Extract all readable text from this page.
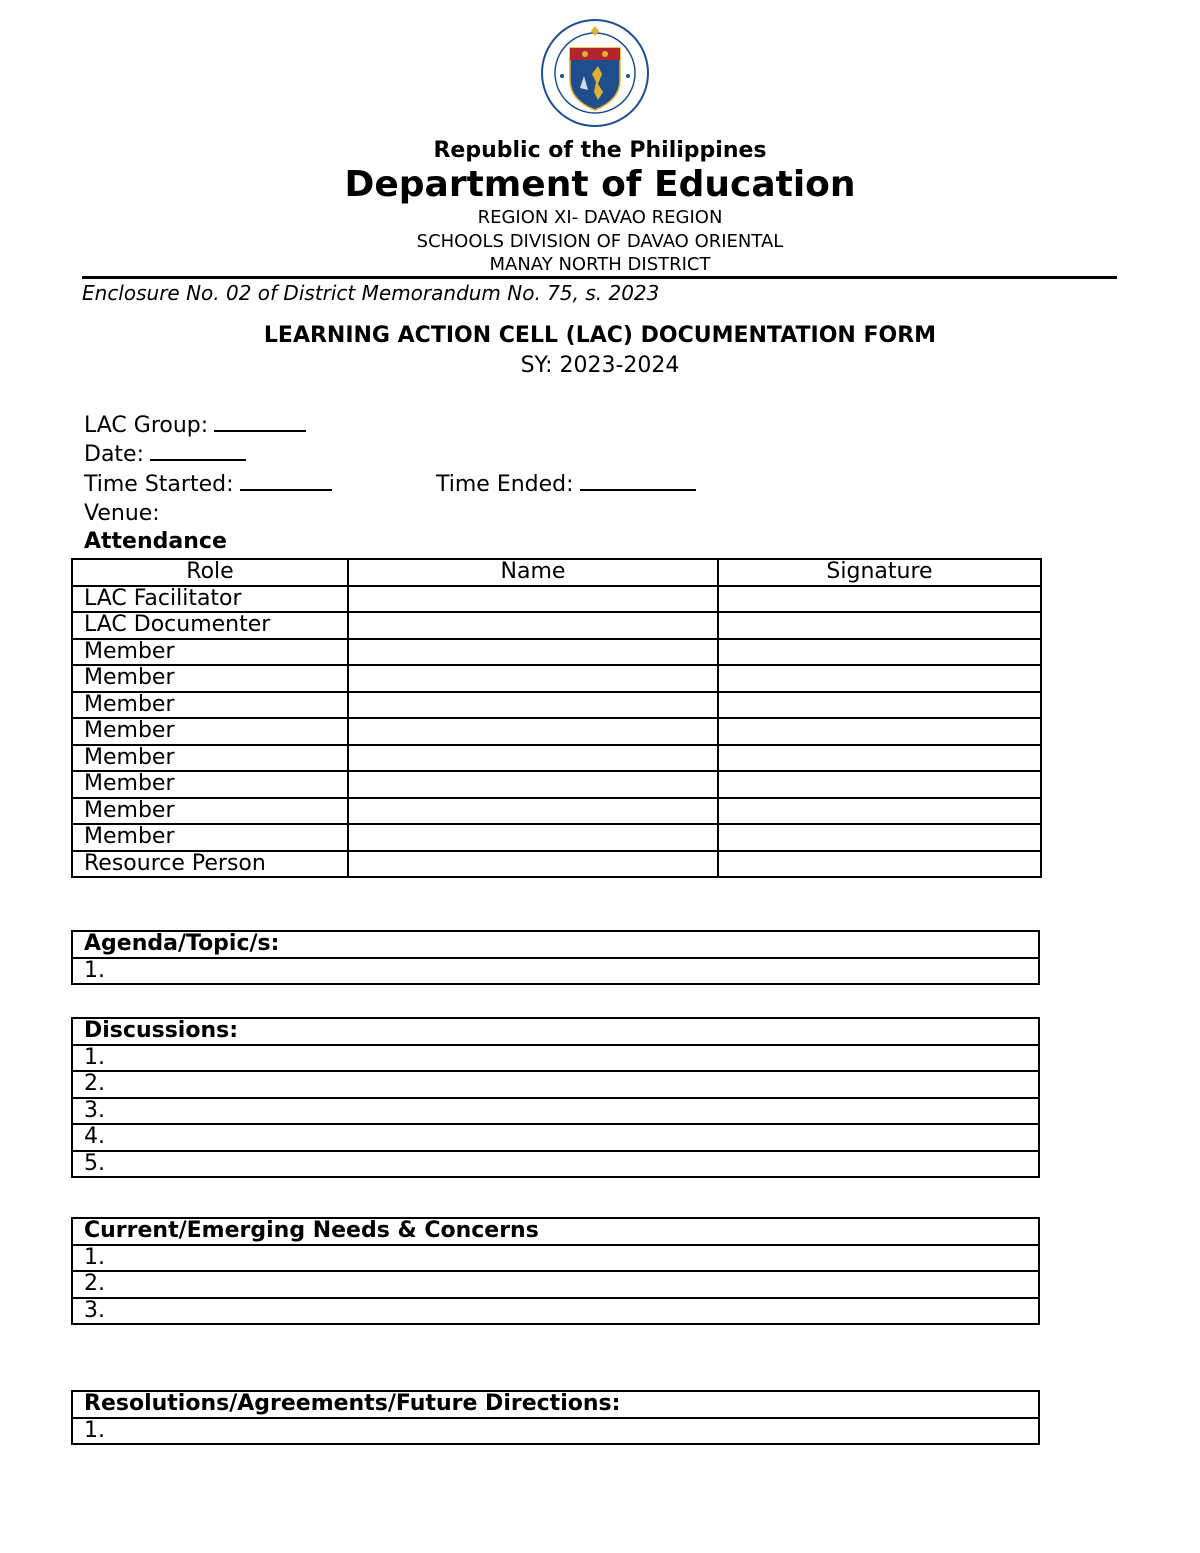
Republic of the Philippines
Department of Education
REGION XI- DAVAO REGION
SCHOOLS DIVISION OF DAVAO ORIENTAL
MANAY NORTH DISTRICT
Enclosure No. 02 of District Memorandum No. 75, s. 2023
LEARNING ACTION CELL (LAC) DOCUMENTATION FORM
SY: 2023-2024
LAC Group:
Date:
Time Started:	Time Ended:
Venue:
Attendance
Role	Name	Signature
LAC Facilitator		
LAC Documenter		
Member		
Member		
Member		
Member		
Member		
Member		
Member		
Member		
Resource Person		
Agenda/Topic/s:
1.
Discussions:
1.
2.
3.
4.
5.
Current/Emerging Needs & Concerns
1.
2.
3.
Resolutions/Agreements/Future Directions:
1.
